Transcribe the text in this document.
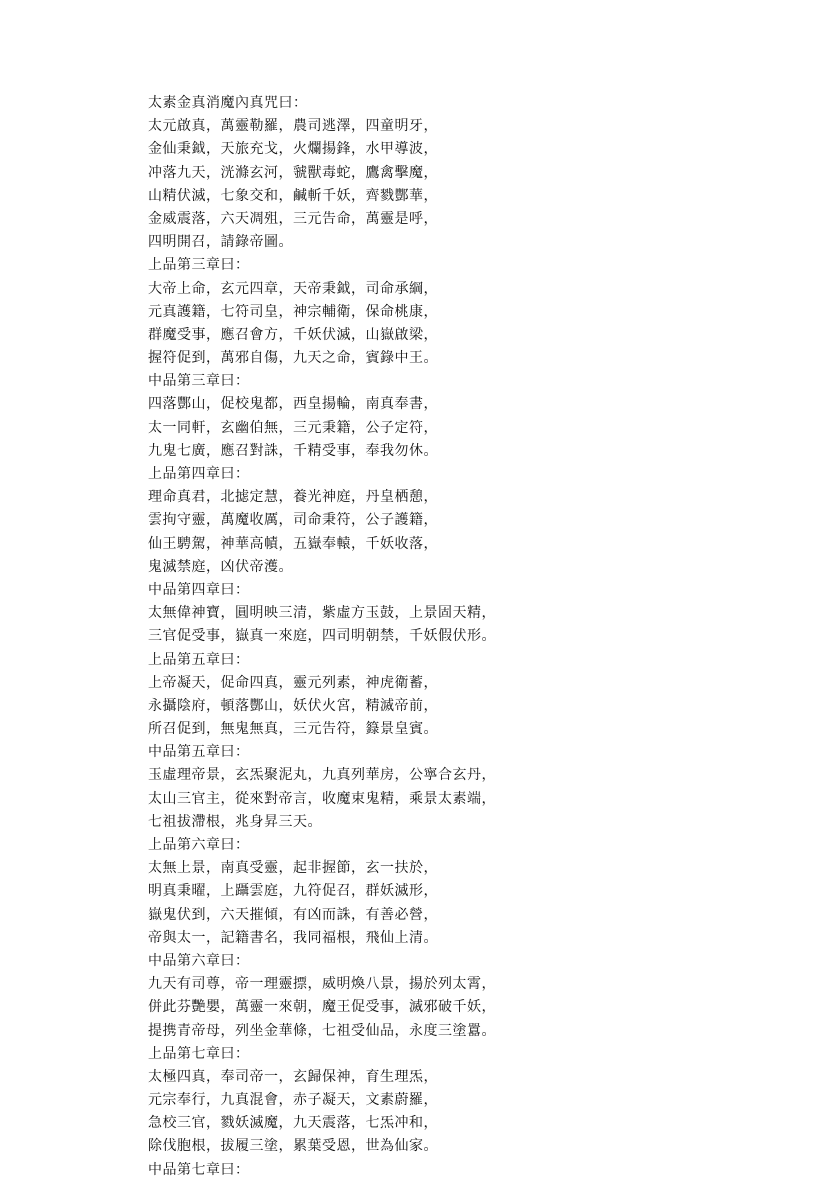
太素金真消魔內真咒曰：
太元啟真，萬靈勒羅，農司逃澤，四童明牙，
金仙秉鉞，天旅充戈，火爛揚鋒，水甲導波，
冲落九天，洸滌玄河，虢獸毒蛇，鷹禽擊魔，
山精伏滅，七象交和，鹹斬千妖，齊戮酆華，
金威震落，六天凋殂，三元告命，萬靈是呼，
四明開召，請錄帝圖。
上品第三章曰：
大帝上命，玄元四章，天帝秉鉞，司命承綱，
元真護籍，七符司皇，神宗輔衛，保命桃康，
群魔受事，應召會方，千妖伏滅，山嶽啟梁，
握符促到，萬邪自傷，九天之命，賓錄中王。
中品第三章曰：
四落酆山，促校鬼都，西皇揚輪，南真奉書，
太一同軒，玄幽伯無，三元秉籍，公子定符，
九鬼七廣，應召對誅，千精受事，奉我勿休。
上品第四章曰：
理命真君，北摅定慧，養光神庭，丹皇栖憩，
雲拘守靈，萬魔收厲，司命秉符，公子護籍，
仙王騁駕，神華高幘，五嶽奉轅，千妖收落，
鬼滅禁庭，凶伏帝濩。
中品第四章曰：
太無偉神寶，圓明映三清，紫虛方玉鼓，上景固天精，
三官促受事，嶽真一來庭，四司明朝禁，千妖假伏形。
上品第五章曰：
上帝凝天，促命四真，靈元列素，神虎衛蓄，
永攝陰府，頓落酆山，妖伏火宮，精滅帝前，
所召促到，無鬼無真，三元告符，籙景皇賓。
中品第五章曰：
玉虛理帝景，玄炁聚泥丸，九真列華房，公寧合玄丹，
太山三官主，從來對帝言，收魔束鬼精，乘景太素端，
七祖拔滯根，兆身昇三天。
上品第六章曰：
太無上景，南真受靈，起非握節，玄一扶於，
明真秉曜，上躡雲庭，九符促召，群妖滅形，
嶽鬼伏到，六天摧傾，有凶而誅，有善必營，
帝與太一，記籍書名，我同福根，飛仙上清。
中品第六章曰：
九天有司尊，帝一理靈摽，威明煥八景，揚於列太霄，
併此芬艷嬰，萬靈一來朝，魔王促受事，滅邪破千妖，
提携青帝母，列坐金華條，七祖受仙品，永度三塗囂。
上品第七章曰：
太極四真，奉司帝一，玄歸保神，育生理炁，
元宗奉行，九真混會，赤子凝天，文素蔚羅，
急校三官，戮妖滅魔，九天震落，七炁冲和，
除伐胞根，拔履三塗，累葉受恩，世為仙家。
中品第七章曰：
